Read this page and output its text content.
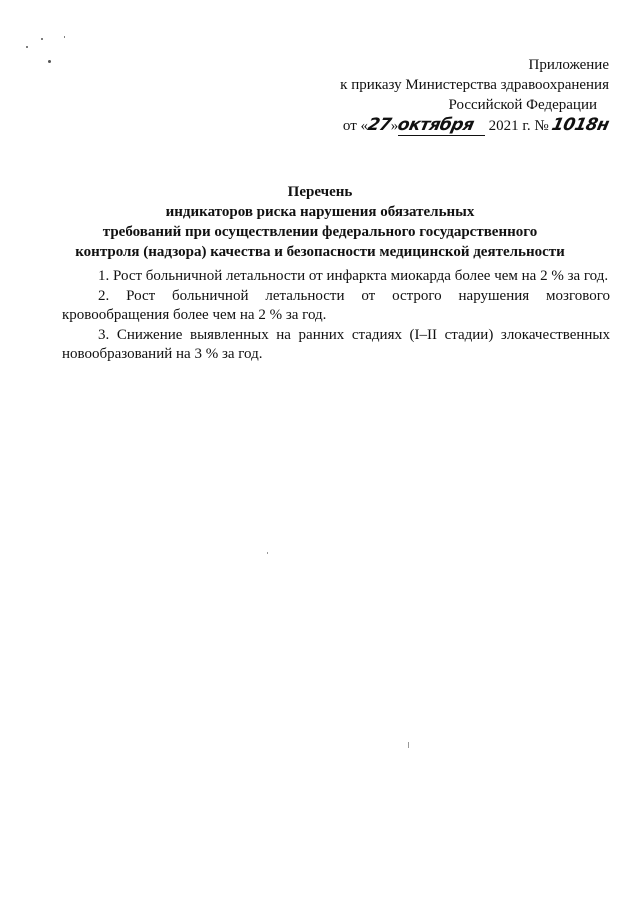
Приложение
к приказу Министерства здравоохранения
Российской Федерации
от «27»октября 2021 г. № 1018н
Перечень
индикаторов риска нарушения обязательных
требований при осуществлении федерального государственного
контроля (надзора) качества и безопасности медицинской деятельности

1. Рост больничной летальности от инфаркта миокарда более чем на 2 % за год.

2. Рост больничной летальности от острого нарушения мозгового кровообращения более чем на 2 % за год.

3. Снижение выявленных на ранних стадиях (I–II стадии) злокачественных новообразований на 3 % за год.
